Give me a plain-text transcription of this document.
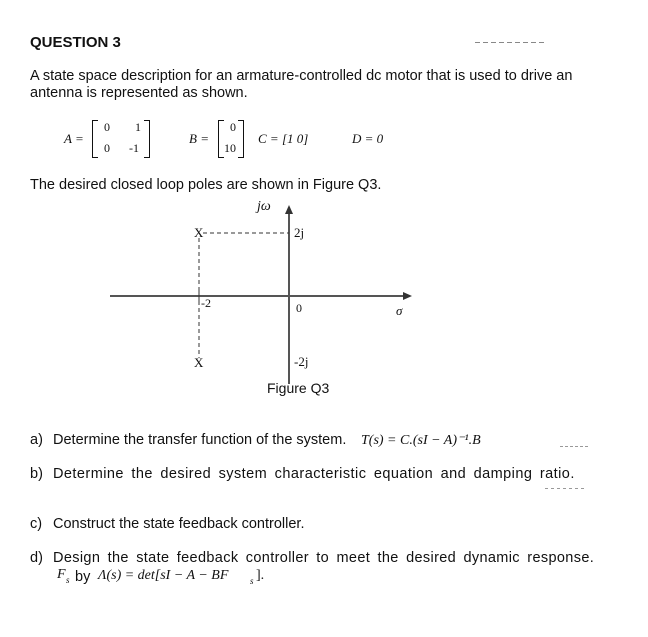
QUESTION 3
A state space description for an armature-controlled dc motor that is used to drive an antenna is represented as shown.
A =
0 1
0 -1
B =
0
10
C = [1 0]	D = 0
The desired closed loop poles are shown in Figure Q3.
jω
X	2j
-2	0	σ
X	-2j
Figure Q3
a) Determine the transfer function of the system. T(s) = C.(sI − A)⁻¹.B
b) Determine the desired system characteristic equation and damping ratio.
c) Construct the state feedback controller.
d) Design the state feedback controller to meet the desired dynamic response.
F s by Λ(s) = det[sI − A − BF s ].
